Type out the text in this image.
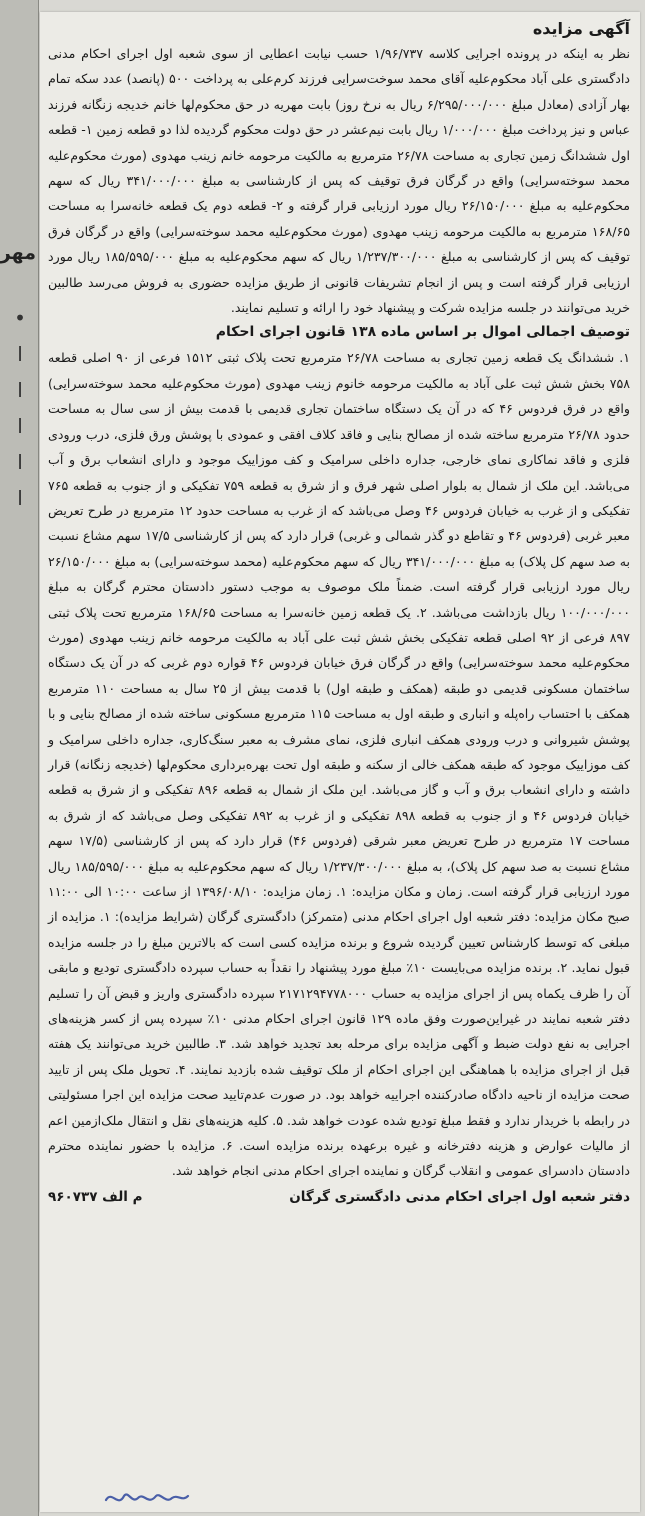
مهر
•
ا
ا
ا
ا
ا
آگهی مزایده

نظر به اینکه در پرونده اجرایی کلاسه ۱/۹۶/۷۳۷ حسب نیابت اعطایی از سوی شعبه اول اجرای احکام مدنی دادگستری علی آباد محکوم‌علیه آقای محمد سوخت‌سرایی فرزند کرم‌علی به پرداخت ۵۰۰ (پانصد) عدد سکه تمام بهار آزادی (معادل مبلغ ۶/۲۹۵/۰۰۰/۰۰۰ ریال به نرخ روز) بابت مهریه در حق محکوم‌لها خانم خدیجه زنگانه فرزند عباس و نیز پرداخت مبلغ ۱/۰۰۰/۰۰۰ ریال بابت نیم‌عشر در حق دولت محکوم گردیده لذا دو قطعه زمین ۱- قطعه اول ششدانگ زمین تجاری به مساحت ۲۶/۷۸ مترمربع به مالکیت مرحومه خانم زینب مهدوی (مورث محکوم‌علیه محمد سوخته‌سرایی) واقع در گرگان فرق توقیف که پس از کارشناسی به مبلغ ۳۴۱/۰۰۰/۰۰۰ ریال که سهم محکوم‌علیه به مبلغ ۲۶/۱۵۰/۰۰۰ ریال مورد ارزیابی قرار گرفته و ۲- قطعه دوم یک قطعه خانه‌سرا به مساحت ۱۶۸/۶۵ مترمربع به مالکیت مرحومه زینب مهدوی (مورث محکوم‌علیه محمد سوخته‌سرایی) واقع در گرگان فرق توقیف که پس از کارشناسی به مبلغ ۱/۲۳۷/۳۰۰/۰۰۰ ریال که سهم محکوم‌علیه به مبلغ ۱۸۵/۵۹۵/۰۰۰ ریال مورد ارزیابی قرار گرفته است و پس از انجام تشریفات قانونی از طریق مزایده حضوری به فروش می‌رسد طالبین خرید می‌توانند در جلسه مزایده شرکت و پیشنهاد خود را ارائه و تسلیم نمایند.

توصیف اجمالی اموال بر اساس ماده ۱۳۸ قانون اجرای احکام

۱. ششدانگ یک قطعه زمین تجاری به مساحت ۲۶/۷۸ مترمربع تحت پلاک ثبتی ۱۵۱۲ فرعی از ۹۰ اصلی قطعه ۷۵۸ بخش شش ثبت علی آباد به مالکیت مرحومه خانوم زینب مهدوی (مورث محکوم‌علیه محمد سوخته‌سرایی) واقع در فرق فردوس ۴۶ که در آن یک دستگاه ساختمان تجاری قدیمی با قدمت بیش از سی سال به مساحت حدود ۲۶/۷۸ مترمربع ساخته شده از مصالح بنایی و فاقد کلاف افقی و عمودی با پوشش ورق فلزی، درب ورودی فلزی و فاقد نماکاری نمای خارجی، جداره داخلی سرامیک و کف موزاییک موجود و دارای انشعاب برق و آب می‌باشد. این ملک از شمال به بلوار اصلی شهر فرق و از شرق به قطعه ۷۵۹ تفکیکی و از جنوب به قطعه ۷۶۵ تفکیکی و از غرب به خیابان فردوس ۴۶ وصل می‌باشد که از غرب به مساحت حدود ۱۲ مترمربع در طرح تعریض معبر غربی (فردوس ۴۶ و تقاطع دو گذر شمالی و غربی) قرار دارد که پس از کارشناسی ۱۷/۵ سهم مشاع نسبت به صد سهم کل پلاک) به مبلغ ۳۴۱/۰۰۰/۰۰۰ ریال که سهم محکوم‌علیه (محمد سوخته‌سرایی) به مبلغ ۲۶/۱۵۰/۰۰۰ ریال مورد ارزیابی قرار گرفته است. ضمناً ملک موصوف به موجب دستور دادستان محترم گرگان به مبلغ ۱۰۰/۰۰۰/۰۰۰ ریال بازداشت می‌باشد. ۲. یک قطعه زمین خانه‌سرا به مساحت ۱۶۸/۶۵ مترمربع تحت پلاک ثبتی ۸۹۷ فرعی از ۹۲ اصلی قطعه تفکیکی بخش شش ثبت علی آباد به مالکیت مرحومه خانم زینب مهدوی (مورث محکوم‌علیه محمد سوخته‌سرایی) واقع در گرگان فرق خیابان فردوس ۴۶ قواره دوم غربی که در آن یک دستگاه ساختمان مسکونی قدیمی دو طبقه (همکف و طبقه اول) با قدمت بیش از ۲۵ سال به مساحت ۱۱۰ مترمربع همکف با احتساب راه‌پله و انباری و طبقه اول به مساحت ۱۱۵ مترمربع مسکونی ساخته شده از مصالح بنایی و با پوشش شیروانی و درب ورودی همکف انباری فلزی، نمای مشرف به معبر سنگ‌کاری، جداره داخلی سرامیک و کف موزاییک موجود که طبقه همکف خالی از سکنه و طبقه اول تحت بهره‌برداری محکوم‌لها (خدیجه زنگانه) قرار داشته و دارای انشعاب برق و آب و گاز می‌باشد. این ملک از شمال به قطعه ۸۹۶ تفکیکی و از شرق به قطعه خیابان فردوس ۴۶ و از جنوب به قطعه ۸۹۸ تفکیکی و از غرب به ۸۹۲ تفکیکی وصل می‌باشد که از شرق به مساحت ۱۷ مترمربع در طرح تعریض معبر شرقی (فردوس ۴۶) قرار دارد که پس از کارشناسی (۱۷/۵ سهم مشاع نسبت به صد سهم کل پلاک)، به مبلغ ۱/۲۳۷/۳۰۰/۰۰۰ ریال که سهم محکوم‌علیه به مبلغ ۱۸۵/۵۹۵/۰۰۰ ریال مورد ارزیابی قرار گرفته است. زمان و مکان مزایده: ۱. زمان مزایده: ۱۳۹۶/۰۸/۱۰ از ساعت ۱۰:۰۰ الی ۱۱:۰۰ صبح مکان مزایده: دفتر شعبه اول اجرای احکام مدنی (متمرکز) دادگستری گرگان (شرایط مزایده): ۱. مزایده از مبلغی که توسط کارشناس تعیین گردیده شروع و برنده مزایده کسی است که بالاترین مبلغ را در جلسه مزایده قبول نماید. ۲. برنده مزایده می‌بایست ۱۰٪ مبلغ مورد پیشنهاد را نقداً به حساب سپرده دادگستری تودیع و مابقی آن را ظرف یکماه پس از اجرای مزایده به حساب ۲۱۷۱۲۹۴۷۷۸۰۰۰ سپرده دادگستری واریز و قبض آن را تسلیم دفتر شعبه نمایند در غیراین‌صورت وفق ماده ۱۲۹ قانون اجرای احکام مدنی ۱۰٪ سپرده پس از کسر هزینه‌های اجرایی به نفع دولت ضبط و آگهی مزایده برای مرحله بعد تجدید خواهد شد. ۳. طالبین خرید می‌توانند یک هفته قبل از اجرای مزایده با هماهنگی این اجرای احکام از ملک توقیف شده بازدید نمایند. ۴. تحویل ملک پس از تایید صحت مزایده از ناحیه دادگاه صادرکننده اجراییه خواهد بود. در صورت عدم‌تایید صحت مزایده این اجرا مسئولیتی در رابطه با خریدار ندارد و فقط مبلغ تودیع شده عودت خواهد شد. ۵. کلیه هزینه‌های نقل و انتقال ملک‌ازمین اعم از مالیات عوارض و هزینه دفترخانه و غیره برعهده برنده مزایده است. ۶. مزایده با حضور نماینده محترم دادستان دادسرای عمومی و انقلاب گرگان و نماینده اجرای احکام مدنی انجام خواهد شد.

دفتر شعبه اول اجرای احکام مدنی دادگستری گرگان
م الف ۹۶۰۷۳۷
